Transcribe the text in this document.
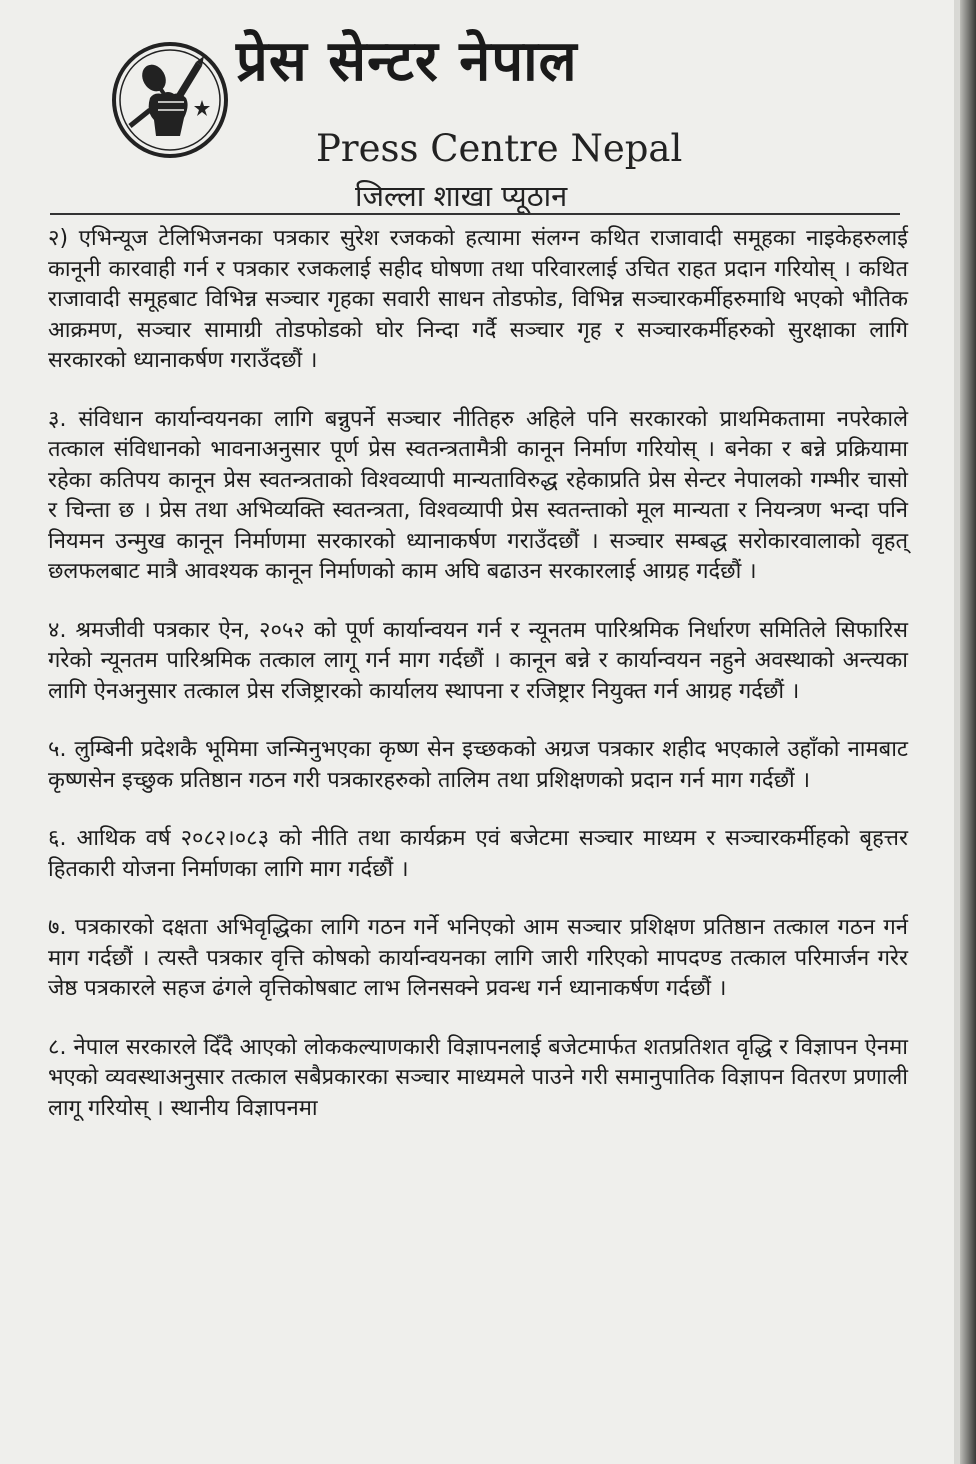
प्रेस सेन्टर नेपाल
Press Centre Nepal
जिल्ला शाखा प्यूठान

२) एभिन्यूज टेलिभिजनका पत्रकार सुरेश रजकको हत्यामा संलग्न कथित राजावादी समूहका नाइकेहरुलाई कानूनी कारवाही गर्न र पत्रकार रजकलाई सहीद घोषणा तथा परिवारलाई उचित राहत प्रदान गरियोस् । कथित राजावादी समूहबाट विभिन्न सञ्चार गृहका सवारी साधन तोडफोड, विभिन्न सञ्चारकर्मीहरुमाथि भएको भौतिक आक्रमण, सञ्चार सामाग्री तोडफोडको घोर निन्दा गर्दै सञ्चार गृह र सञ्चारकर्मीहरुको सुरक्षाका लागि सरकारको ध्यानाकर्षण गराउँदछौं ।

३. संविधान कार्यान्वयनका लागि बन्नुपर्ने सञ्चार नीतिहरु अहिले पनि सरकारको प्राथमिकतामा नपरेकाले तत्काल संविधानको भावनाअनुसार पूर्ण प्रेस स्वतन्त्रतामैत्री कानून निर्माण गरियोस् । बनेका र बन्ने प्रक्रियामा रहेका कतिपय कानून प्रेस स्वतन्त्रताको विश्वव्यापी मान्यताविरुद्ध रहेकाप्रति प्रेस सेन्टर नेपालको गम्भीर चासो र चिन्ता छ । प्रेस तथा अभिव्यक्ति स्वतन्त्रता, विश्वव्यापी प्रेस स्वतन्ताको मूल मान्यता र नियन्त्रण भन्दा पनि नियमन उन्मुख कानून निर्माणमा सरकारको ध्यानाकर्षण गराउँदछौं । सञ्चार सम्बद्ध सरोकारवालाको वृहत् छलफलबाट मात्रै आवश्यक कानून निर्माणको काम अघि बढाउन सरकारलाई आग्रह गर्दछौं ।

४. श्रमजीवी पत्रकार ऐन, २०५२ को पूर्ण कार्यान्वयन गर्न र न्यूनतम पारिश्रमिक निर्धारण समितिले सिफारिस गरेको न्यूनतम पारिश्रमिक तत्काल लागू गर्न माग गर्दछौं । कानून बन्ने र कार्यान्वयन नहुने अवस्थाको अन्त्यका लागि ऐनअनुसार तत्काल प्रेस रजिष्ट्रारको कार्यालय स्थापना र रजिष्ट्रार नियुक्त गर्न आग्रह गर्दछौं ।

५. लुम्बिनी प्रदेशकै भूमिमा जन्मिनुभएका कृष्ण सेन इच्छकको अग्रज पत्रकार शहीद भएकाले उहाँको नामबाट कृष्णसेन इच्छुक प्रतिष्ठान गठन गरी पत्रकारहरुको तालिम तथा प्रशिक्षणको प्रदान गर्न माग गर्दछौं ।

६. आथिक वर्ष २०८२।०८३ को नीति तथा कार्यक्रम एवं बजेटमा सञ्चार माध्यम र सञ्चारकर्मीहको बृहत्तर हितकारी योजना निर्माणका लागि माग गर्दछौं ।

७. पत्रकारको दक्षता अभिवृद्धिका लागि गठन गर्ने भनिएको आम सञ्चार प्रशिक्षण प्रतिष्ठान तत्काल गठन गर्न माग गर्दछौं । त्यस्तै पत्रकार वृत्ति कोषको कार्यान्वयनका लागि जारी गरिएको मापदण्ड तत्काल परिमार्जन गरेर जेष्ठ पत्रकारले सहज ढंगले वृत्तिकोषबाट लाभ लिनसक्ने प्रवन्ध गर्न ध्यानाकर्षण गर्दछौं ।

८. नेपाल सरकारले दिँदै आएको लोककल्याणकारी विज्ञापनलाई बजेटमार्फत शतप्रतिशत वृद्धि र विज्ञापन ऐनमा भएको व्यवस्थाअनुसार तत्काल सबैप्रकारका सञ्चार माध्यमले पाउने गरी समानुपातिक विज्ञापन वितरण प्रणाली लागू गरियोस् । स्थानीय विज्ञापनमा
